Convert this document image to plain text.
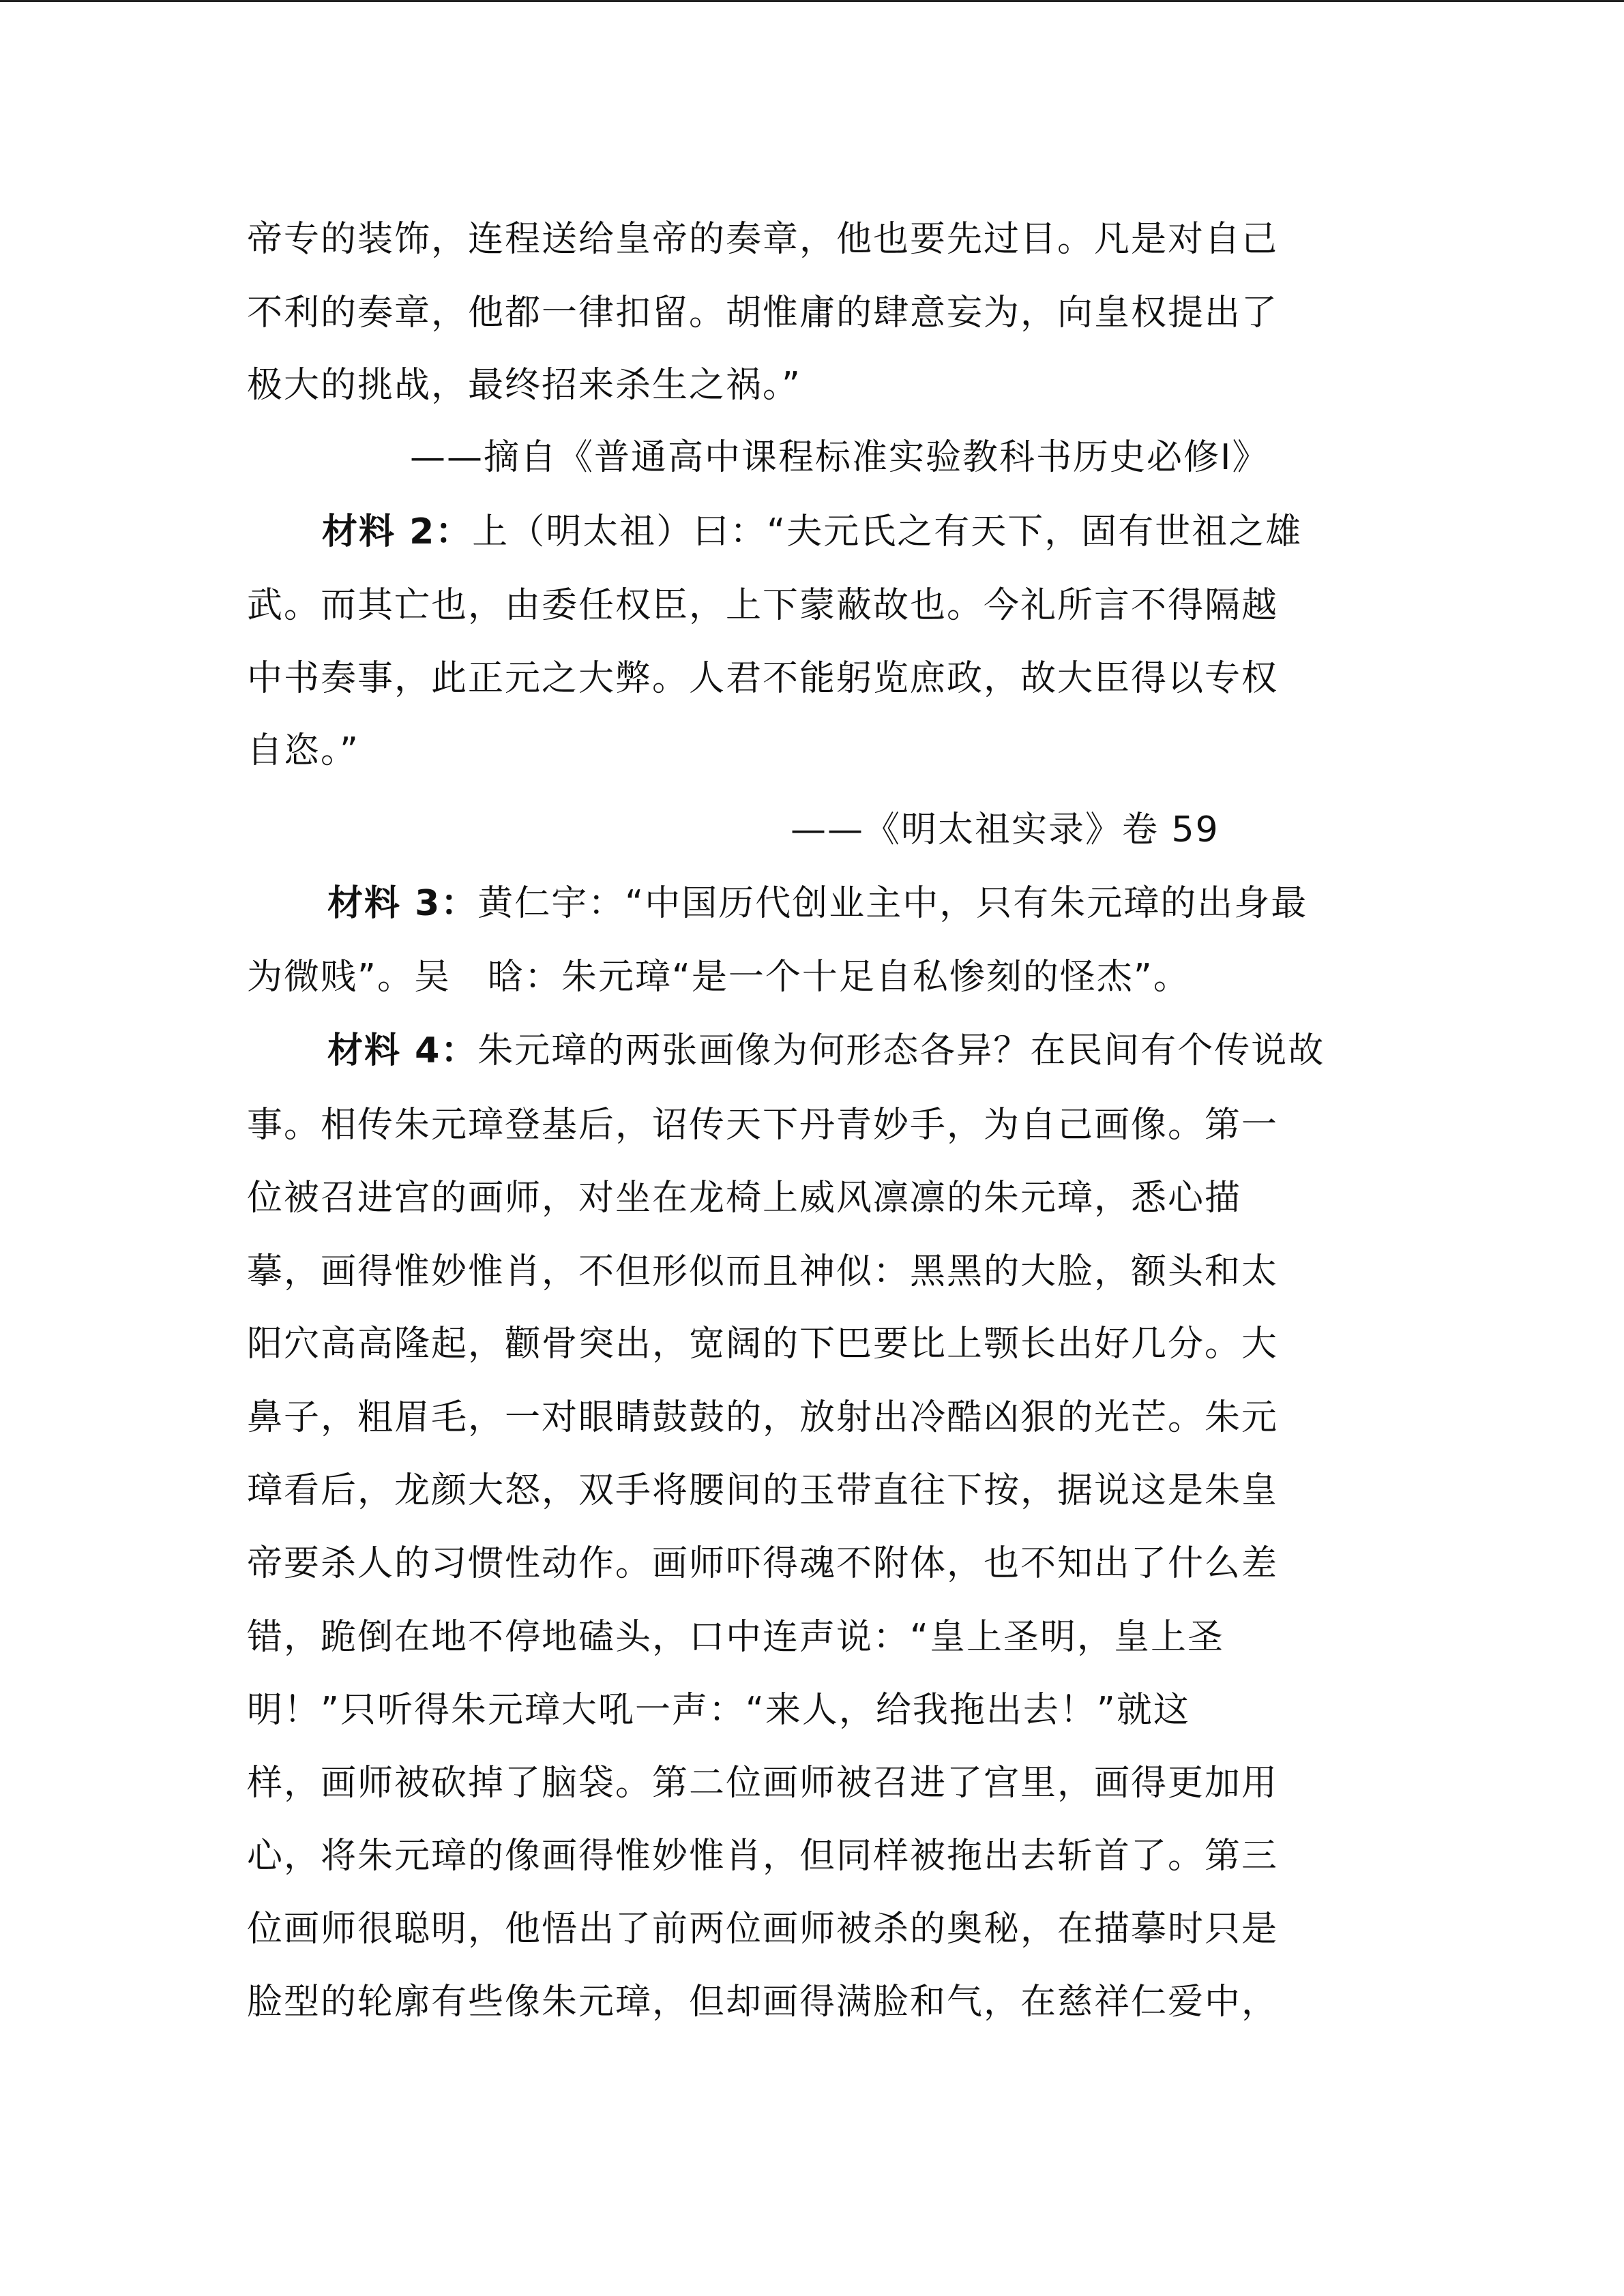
帝专的装饰，连程送给皇帝的奏章，他也要先过目。凡是对自己
不利的奏章，他都一律扣留。胡惟庸的肆意妄为，向皇权提出了
极大的挑战，最终招来杀生之祸。”
——摘自《普通高中课程标准实验教科书历史必修Ⅰ》
材料 2：上（明太祖）曰：“夫元氏之有天下，固有世祖之雄
武。而其亡也，由委任权臣，上下蒙蔽故也。今礼所言不得隔越
中书奏事，此正元之大弊。人君不能躬览庶政，故大臣得以专权
自恣。”
——《明太祖实录》卷 59
材料 3：黄仁宇：“中国历代创业主中，只有朱元璋的出身最
为微贱”。吴　晗：朱元璋“是一个十足自私惨刻的怪杰”。
材料 4：朱元璋的两张画像为何形态各异？在民间有个传说故
事。相传朱元璋登基后，诏传天下丹青妙手，为自己画像。第一
位被召进宫的画师，对坐在龙椅上威风凛凛的朱元璋，悉心描
摹，画得惟妙惟肖，不但形似而且神似：黑黑的大脸，额头和太
阳穴高高隆起，颧骨突出，宽阔的下巴要比上颚长出好几分。大
鼻子，粗眉毛，一对眼睛鼓鼓的，放射出冷酷凶狠的光芒。朱元
璋看后，龙颜大怒，双手将腰间的玉带直往下按，据说这是朱皇
帝要杀人的习惯性动作。画师吓得魂不附体，也不知出了什么差
错，跪倒在地不停地磕头，口中连声说：“皇上圣明，皇上圣
明！”只听得朱元璋大吼一声：“来人，给我拖出去！”就这
样，画师被砍掉了脑袋。第二位画师被召进了宫里，画得更加用
心，将朱元璋的像画得惟妙惟肖，但同样被拖出去斩首了。第三
位画师很聪明，他悟出了前两位画师被杀的奥秘，在描摹时只是
脸型的轮廓有些像朱元璋，但却画得满脸和气，在慈祥仁爱中，
